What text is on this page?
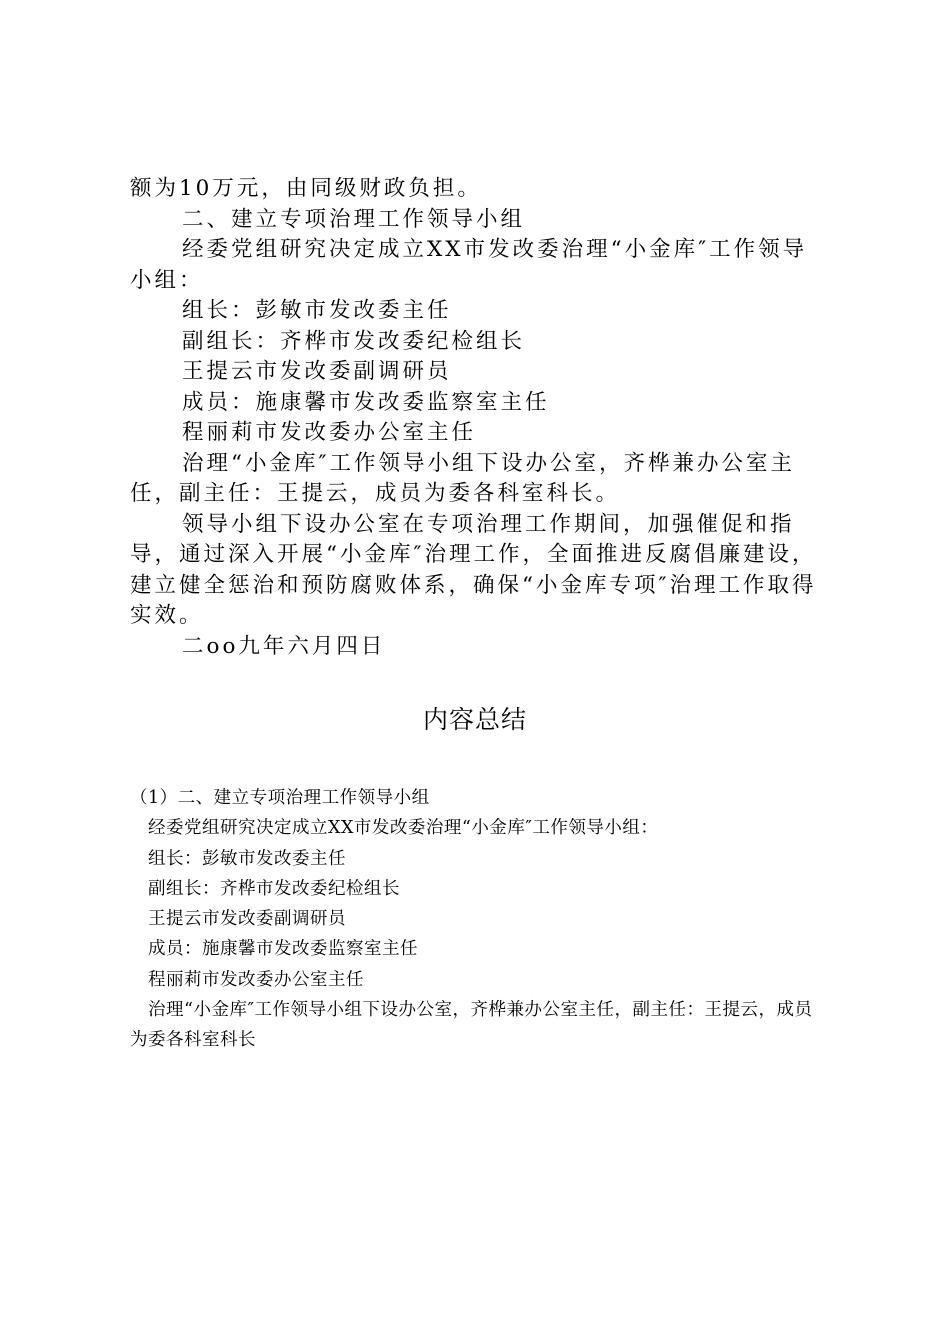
额为10万元，由同级财政负担。

二、建立专项治理工作领导小组

经委党组研究决定成立XX市发改委治理“小金库″工作领导小组：

组长：彭敏市发改委主任

副组长：齐桦市发改委纪检组长

王提云市发改委副调研员

成员：施康馨市发改委监察室主任

程丽莉市发改委办公室主任

治理“小金库″工作领导小组下设办公室，齐桦兼办公室主任，副主任：王提云，成员为委各科室科长。

领导小组下设办公室在专项治理工作期间，加强催促和指导，通过深入开展“小金库″治理工作，全面推进反腐倡廉建设，建立健全惩治和预防腐败体系，确保“小金库专项″治理工作取得实效。

二oo九年六月四日

内容总结

（1）二、建立专项治理工作领导小组

经委党组研究决定成立XX市发改委治理“小金库″工作领导小组：

组长：彭敏市发改委主任

副组长：齐桦市发改委纪检组长

王提云市发改委副调研员

成员：施康馨市发改委监察室主任

程丽莉市发改委办公室主任

治理“小金库″工作领导小组下设办公室，齐桦兼办公室主任，副主任：王提云，成员为委各科室科长
